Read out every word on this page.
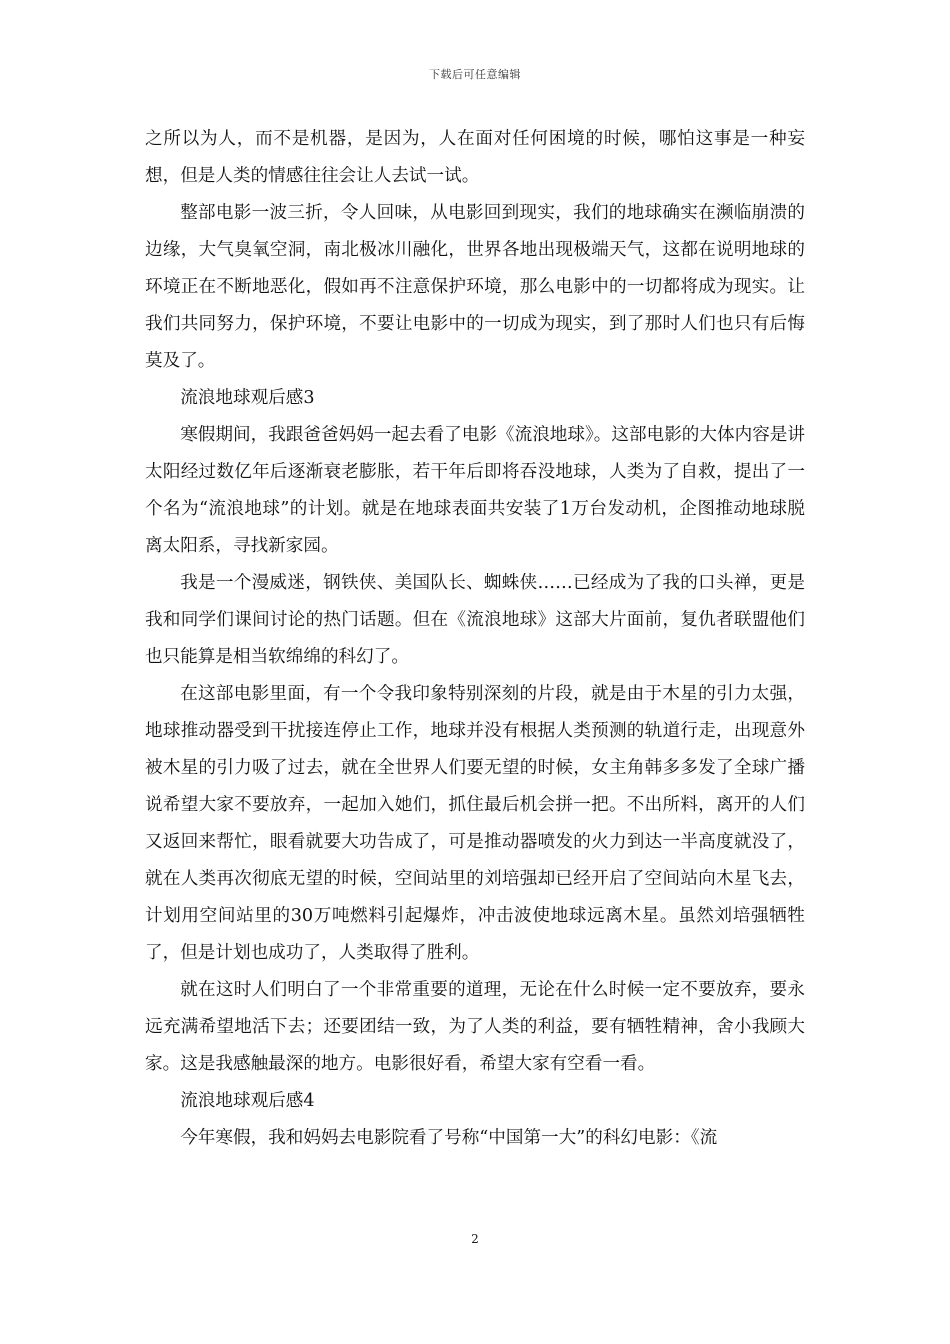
下载后可任意编辑

之所以为人，而不是机器，是因为，人在面对任何困境的时候，哪怕这事是一种妄想，但是人类的情感往往会让人去试一试。

整部电影一波三折，令人回味，从电影回到现实，我们的地球确实在濒临崩溃的边缘，大气臭氧空洞，南北极冰川融化，世界各地出现极端天气，这都在说明地球的环境正在不断地恶化，假如再不注意保护环境，那么电影中的一切都将成为现实。让我们共同努力，保护环境，不要让电影中的一切成为现实，到了那时人们也只有后悔莫及了。

流浪地球观后感3

寒假期间，我跟爸爸妈妈一起去看了电影《流浪地球》。这部电影的大体内容是讲太阳经过数亿年后逐渐衰老膨胀，若干年后即将吞没地球，人类为了自救，提出了一个名为“流浪地球”的计划。就是在地球表面共安装了1万台发动机，企图推动地球脱离太阳系，寻找新家园。

我是一个漫威迷，钢铁侠、美国队长、蜘蛛侠……已经成为了我的口头禅，更是我和同学们课间讨论的热门话题。但在《流浪地球》这部大片面前，复仇者联盟他们也只能算是相当软绵绵的科幻了。

在这部电影里面，有一个令我印象特别深刻的片段，就是由于木星的引力太强，地球推动器受到干扰接连停止工作，地球并没有根据人类预测的轨道行走，出现意外被木星的引力吸了过去，就在全世界人们要无望的时候，女主角韩多多发了全球广播说希望大家不要放弃，一起加入她们，抓住最后机会拼一把。不出所料，离开的人们又返回来帮忙，眼看就要大功告成了，可是推动器喷发的火力到达一半高度就没了，就在人类再次彻底无望的时候，空间站里的刘培强却已经开启了空间站向木星飞去，计划用空间站里的30万吨燃料引起爆炸，冲击波使地球远离木星。虽然刘培强牺牲了，但是计划也成功了，人类取得了胜利。

就在这时人们明白了一个非常重要的道理，无论在什么时候一定不要放弃，要永远充满希望地活下去；还要团结一致，为了人类的利益，要有牺牲精神，舍小我顾大家。这是我感触最深的地方。电影很好看，希望大家有空看一看。

流浪地球观后感4

今年寒假，我和妈妈去电影院看了号称“中国第一大”的科幻电影：《流

2
